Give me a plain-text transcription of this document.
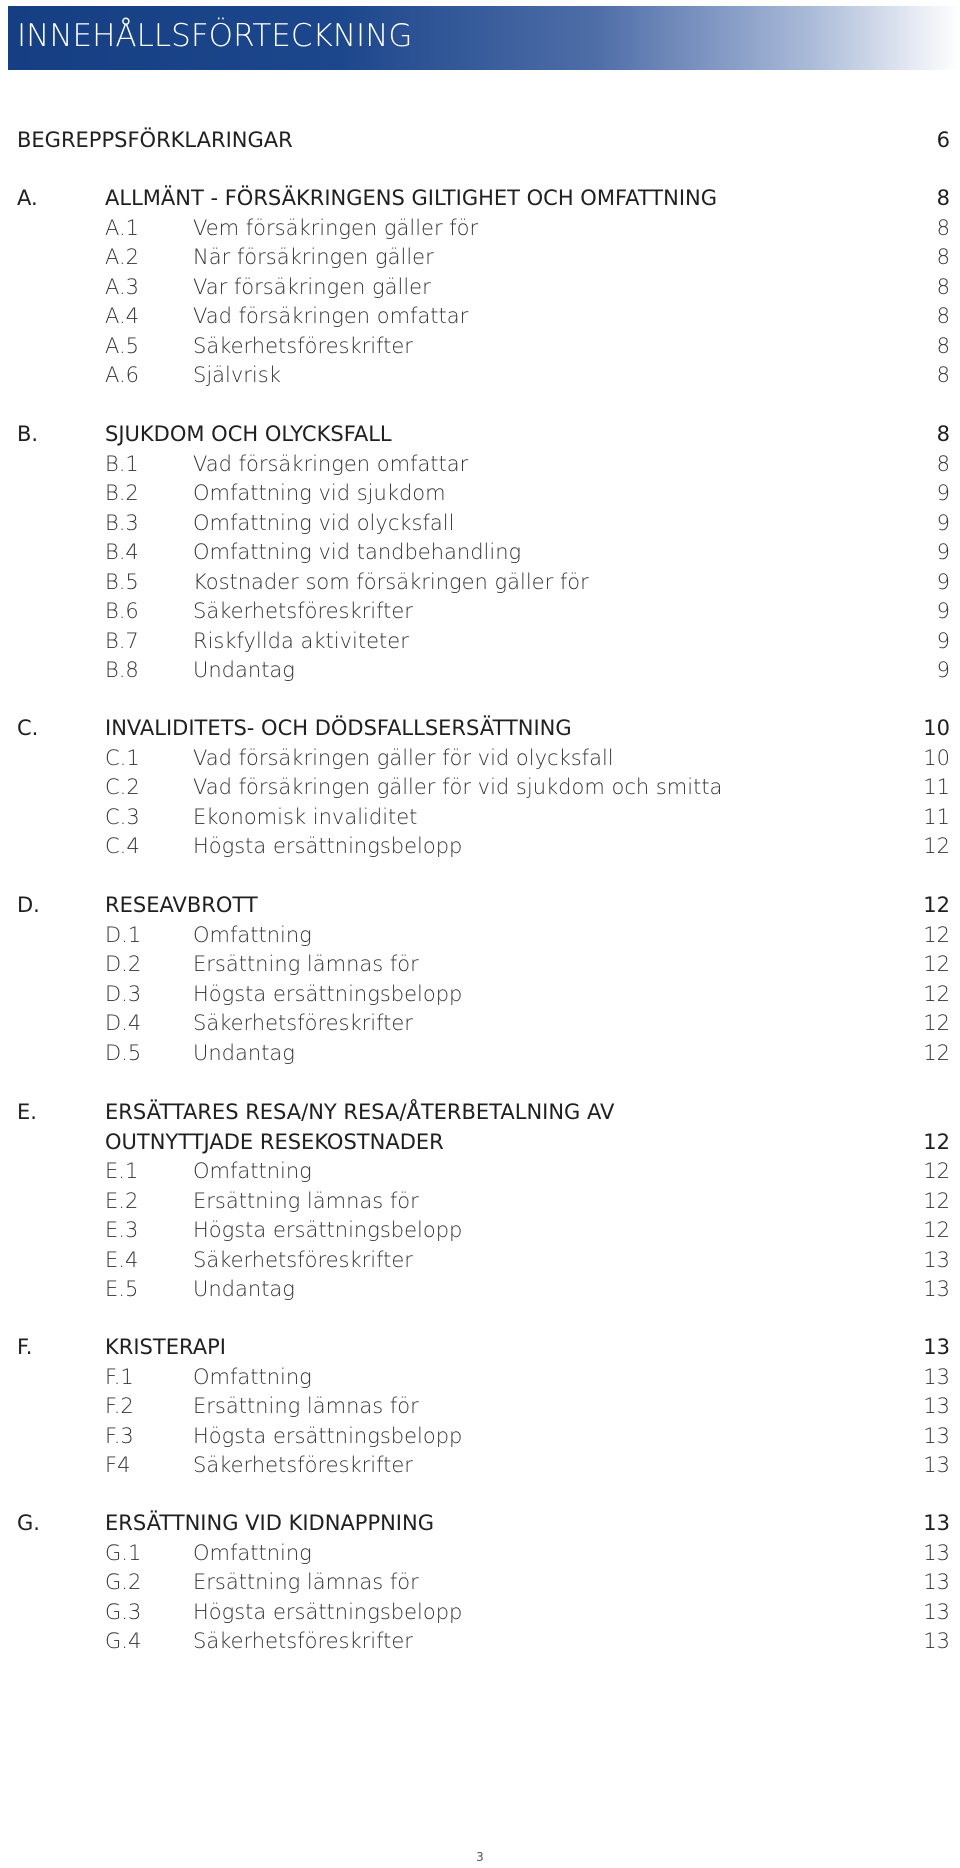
INNEHÅLLSFÖRTECKNING
BEGREPPSFÖRKLARINGAR	6
A.	ALLMÄNT - FÖRSÄKRINGENS GILTIGHET OCH OMFATTNING	8
A.1	Vem försäkringen gäller för	8
A.2	När försäkringen gäller	8
A.3	Var försäkringen gäller	8
A.4	Vad försäkringen omfattar	8
A.5	Säkerhetsföreskrifter	8
A.6	Självrisk	8
B.	SJUKDOM OCH OLYCKSFALL	8
B.1	Vad försäkringen omfattar	8
B.2	Omfattning vid sjukdom	9
B.3	Omfattning vid olycksfall	9
B.4	Omfattning vid tandbehandling	9
B.5	Kostnader som försäkringen gäller för	9
B.6	Säkerhetsföreskrifter	9
B.7	Riskfyllda aktiviteter	9
B.8	Undantag	9
C.	INVALIDITETS- OCH DÖDSFALLSERSÄTTNING	10
C.1	Vad försäkringen gäller för vid olycksfall	10
C.2	Vad försäkringen gäller för vid sjukdom och smitta	11
C.3	Ekonomisk invaliditet	11
C.4	Högsta ersättningsbelopp	12
D.	RESEAVBROTT	12
D.1 Omfattning	12
D.2 Ersättning lämnas för	12
D.3 Högsta ersättningsbelopp	12
D.4 Säkerhetsföreskrifter	12
D.5 Undantag	12
E.	ERSÄTTARES RESA/NY RESA/ÅTERBETALNING AV
OUTNYTTJADE RESEKOSTNADER	12
E.1	Omfattning	12
E.2	Ersättning lämnas för	12
E.3	Högsta ersättningsbelopp	12
E.4	Säkerhetsföreskrifter	13
E.5	Undantag	13
F.	KRISTERAPI	13
F.1	Omfattning	13
F.2	Ersättning lämnas för	13
F.3	Högsta ersättningsbelopp	13
F4	Säkerhetsföreskrifter	13
G.	ERSÄTTNING VID KIDNAPPNING	13
G.1 Omfattning	13
G.2 Ersättning lämnas för	13
G.3 Högsta ersättningsbelopp	13
G.4 Säkerhetsföreskrifter	13
3
